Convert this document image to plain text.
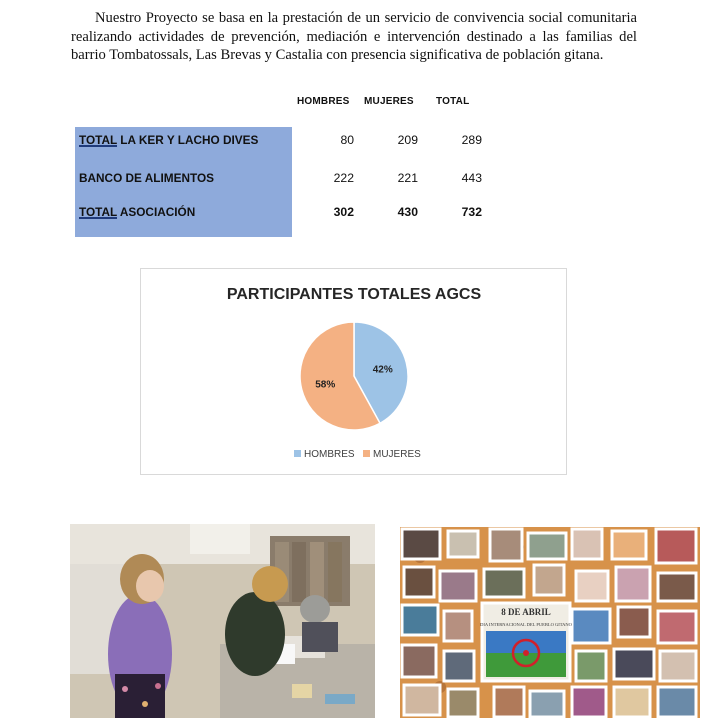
Nuestro Proyecto se basa en la prestación de un servicio de convivencia social comunitaria realizando actividades de prevención, mediación e intervención destinado a las familias del barrio Tombatossals, Las Brevas y Castalia con presencia significativa de población gitana.

HOMBRES MUJERES TOTAL
TOTAL LA KER Y LACHO DIVES	80	209	289
BANCO DE ALIMENTOS	222	221	443
TOTAL ASOCIACIÓN	302	430	732
PARTICIPANTES TOTALES AGCS
42%
58%
HOMBRES MUJERES
8 DE ABRIL
DIA INTERNACIONAL DEL PUEBLO GITANO
